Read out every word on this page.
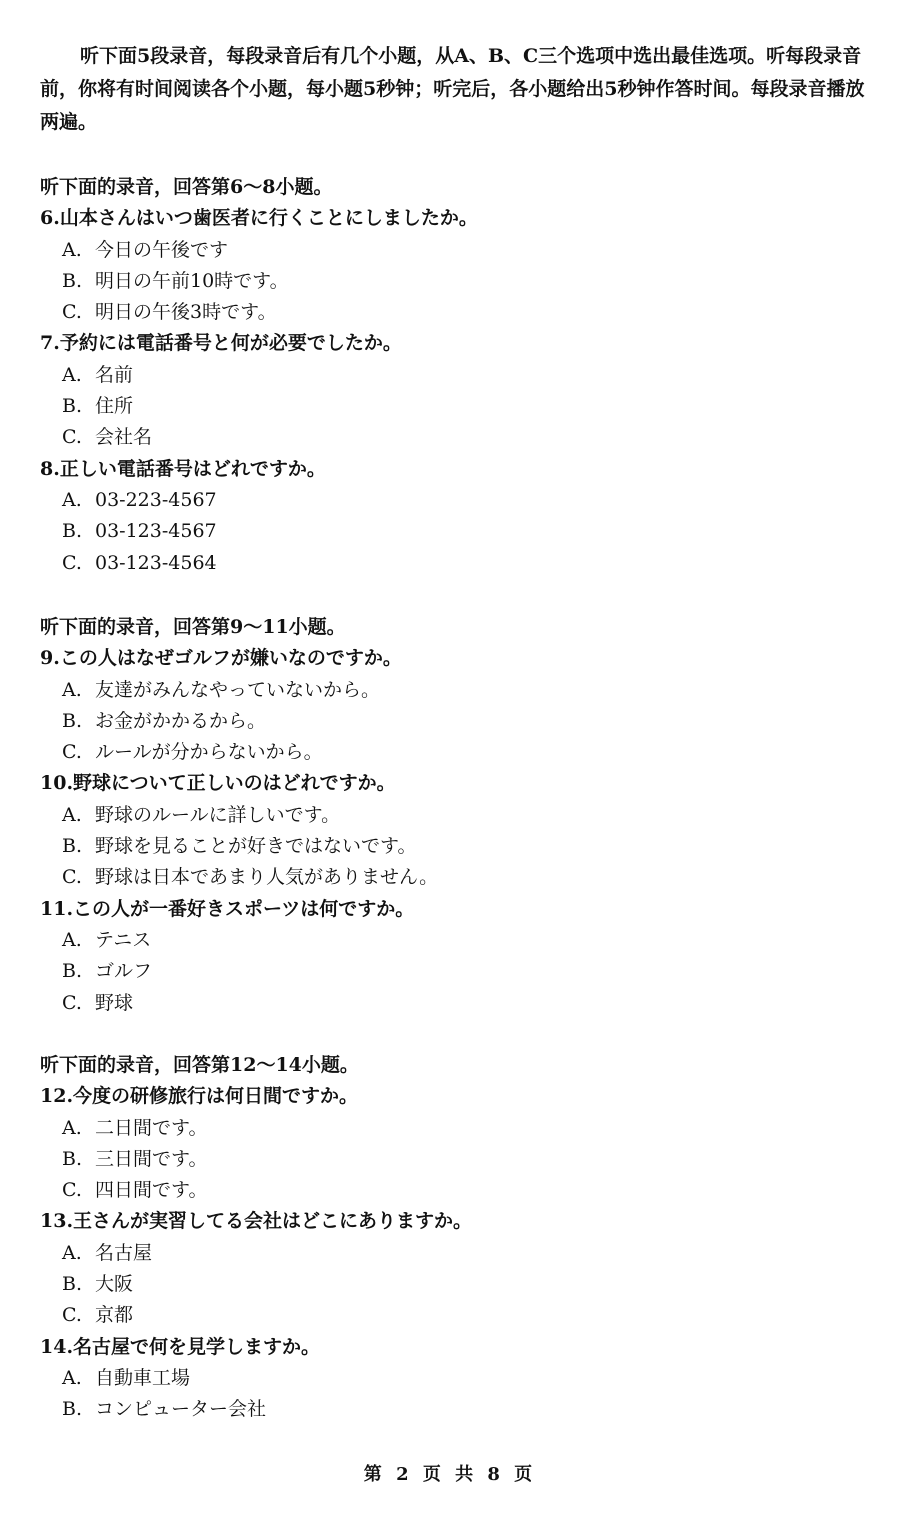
听下面5段录音，每段录音后有几个小题，从A、B、C三个选项中选出最佳选项。听每段录音前，你将有时间阅读各个小题，每小题5秒钟；听完后，各小题给出5秒钟作答时间。每段录音播放两遍。

听下面的录音，回答第6～8小题。

6.山本さんはいつ歯医者に行くことにしましたか。

A. 今日の午後です

B. 明日の午前10時です。

C. 明日の午後3時です。

7.予約には電話番号と何が必要でしたか。

A. 名前

B. 住所

C. 会社名

8.正しい電話番号はどれですか。

A. 03-223-4567

B. 03-123-4567

C. 03-123-4564

听下面的录音，回答第9～11小题。

9.この人はなぜゴルフが嫌いなのですか。

A. 友達がみんなやっていないから。

B. お金がかかるから。

C. ルールが分からないから。

10.野球について正しいのはどれですか。

A. 野球のルールに詳しいです。

B. 野球を見ることが好きではないです。

C. 野球は日本であまり人気がありません。

11.この人が一番好きスポーツは何ですか。

A. テニス

B. ゴルフ

C. 野球

听下面的录音，回答第12～14小题。

12.今度の研修旅行は何日間ですか。

A. 二日間です。

B. 三日間です。

C. 四日間です。

13.王さんが実習してる会社はどこにありますか。

A. 名古屋

B. 大阪

C. 京都

14.名古屋で何を見学しますか。

A. 自動車工場

B. コンピューター会社

第 2 页 共 8 页
